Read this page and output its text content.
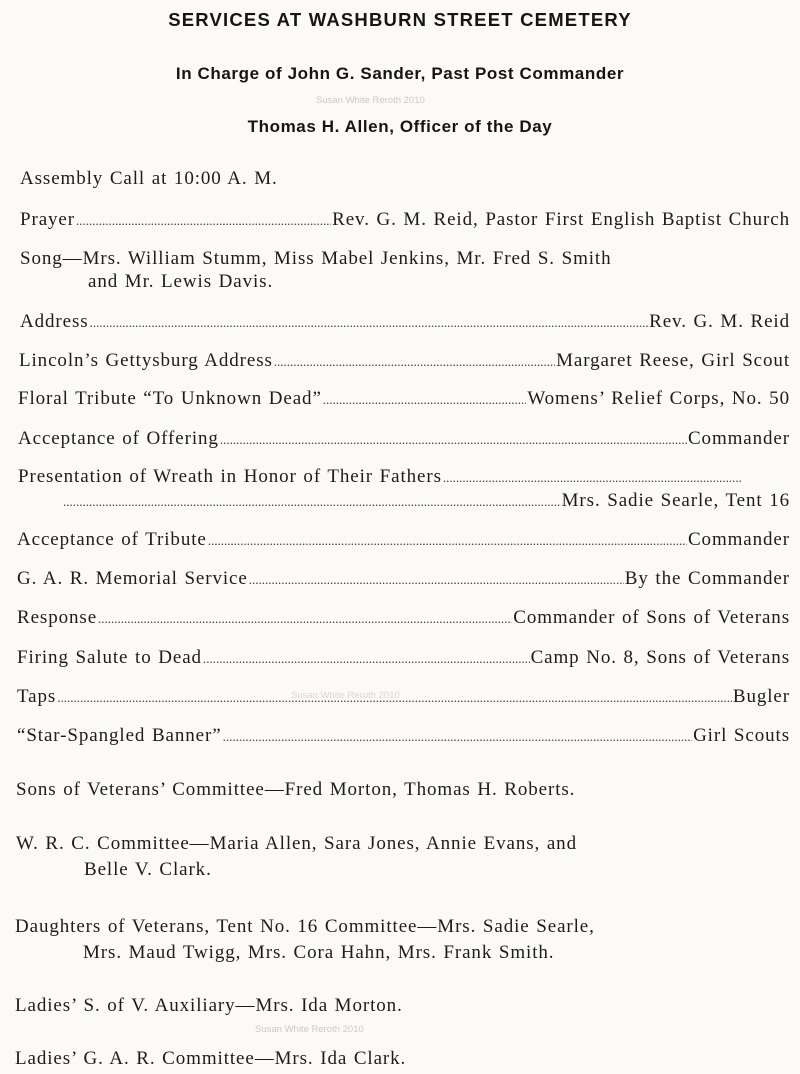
SERVICES AT WASHBURN STREET CEMETERY
Susan White Reroth 2010
In Charge of John G. Sander, Past Post Commander
Thomas H. Allen, Officer of the Day
Assembly Call at 10:00 A. M.
Prayer .....	Rev. G. M. Reid, Pastor First English Baptist Church
Song—Mrs. William Stumm, Miss Mabel Jenkins, Mr. Fred S. Smith
and Mr. Lewis Davis.
Address .....	Rev. G. M. Reid
Lincoln’s Gettysburg Address .....	Margaret Reese, Girl Scout
Floral Tribute “To Unknown Dead” .....	Womens’ Relief Corps, No. 50
Acceptance of Offering .....	Commander
Presentation of Wreath in Honor of Their Fathers
.....
.....
Mrs. Sadie Searle, Tent 16
Acceptance of Tribute .....	Commander
G. A. R. Memorial Service .....	By the Commander
Response .....	Commander of Sons of Veterans
Firing Salute to Dead .....	Camp No. 8, Sons of Veterans
Taps .....	Bugler
Susan White Reroth 2010
“Star-Spangled Banner” .....	Girl Scouts
Sons of Veterans’ Committee—Fred Morton, Thomas H. Roberts.
W. R. C. Committee—Maria Allen, Sara Jones, Annie Evans, and
Belle V. Clark.
Daughters of Veterans, Tent No. 16 Committee—Mrs. Sadie Searle,
Mrs. Maud Twigg, Mrs. Cora Hahn, Mrs. Frank Smith.
Ladies’ S. of V. Auxiliary—Mrs. Ida Morton.
Susan White Reroth 2010
Ladies’ G. A. R. Committee—Mrs. Ida Clark.
